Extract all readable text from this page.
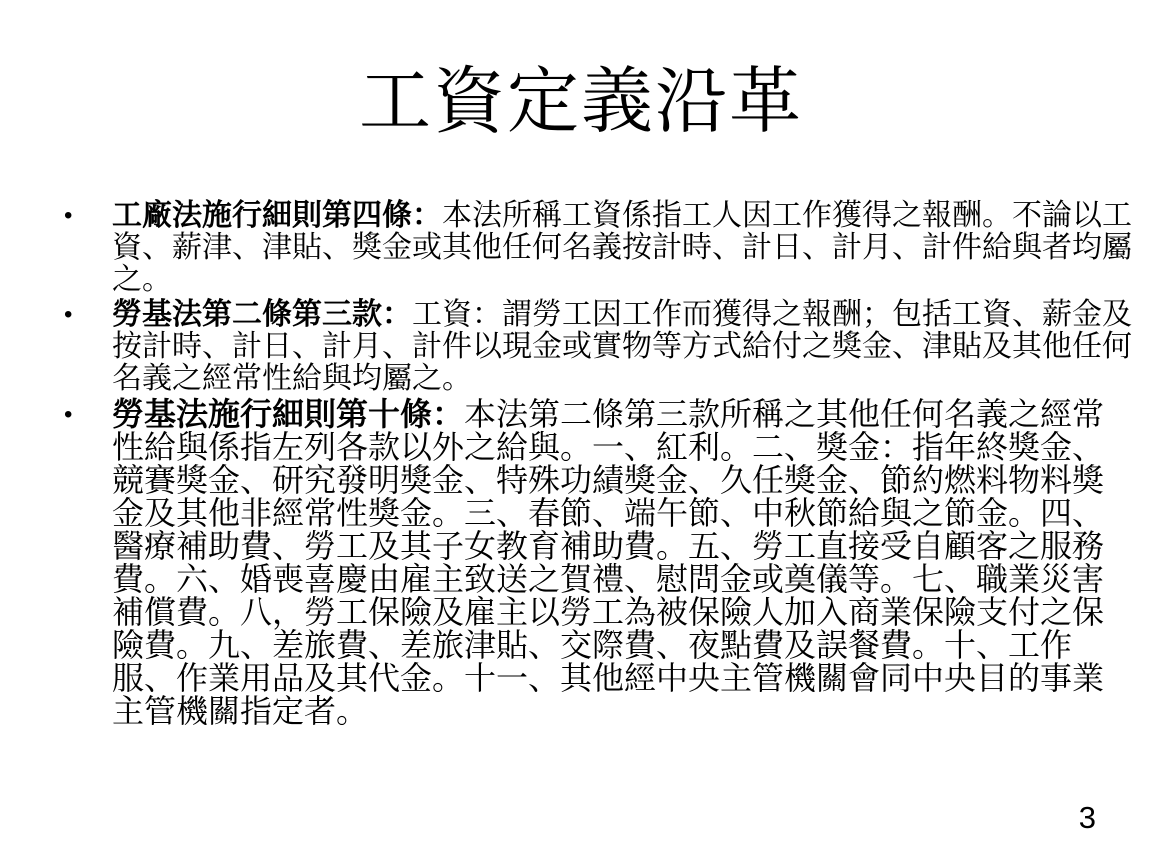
工資定義沿革
•	工廠法施行細則第四條：本法所稱工資係指工人因工作獲得之報酬。不論以工資、薪津、津貼、獎金或其他任何名義按計時、計日、計月、計件給與者均屬之。

•	勞基法第二條第三款：工資：謂勞工因工作而獲得之報酬；包括工資、薪金及按計時、計日、計月、計件以現金或實物等方式給付之獎金、津貼及其他任何名義之經常性給與均屬之。

•	勞基法施行細則第十條：本法第二條第三款所稱之其他任何名義之經常性給與係指左列各款以外之給與。一、紅利。二、獎金：指年終獎金、競賽獎金、研究發明獎金、特殊功績獎金、久任獎金、節約燃料物料獎金及其他非經常性獎金。三、春節、端午節、中秋節給與之節金。四、醫療補助費、勞工及其子女教育補助費。五、勞工直接受自顧客之服務費。六、婚喪喜慶由雇主致送之賀禮、慰問金或奠儀等。七、職業災害補償費。八，勞工保險及雇主以勞工為被保險人加入商業保險支付之保險費。九、差旅費、差旅津貼、交際費、夜點費及誤餐費。十、工作服、作業用品及其代金。十一、其他經中央主管機關會同中央目的事業主管機關指定者。

3
